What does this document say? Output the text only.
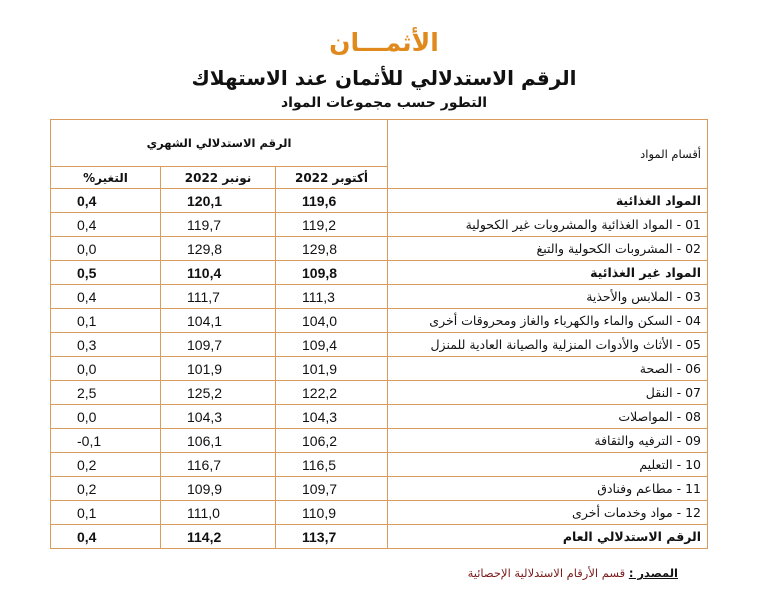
الأثمـــان
الرقم الاستدلالي للأثمان عند الاستهلاك
التطور حسب مجموعات المواد
الرقم الاستدلالي الشهري			أقسام المواد
التغير%	نونبر 2022	أكتوبر 2022	
0,4	120,1	119,6	المواد الغذائية
0,4	119,7	119,2	01 - المواد الغذائية والمشروبات غير الكحولية
0,0	129,8	129,8	02 - المشروبات الكحولية والتبغ
0,5	110,4	109,8	المواد غير الغذائية
0,4	111,7	111,3	03 - الملابس والأحذية
0,1	104,1	104,0	04 - السكن والماء والكهرباء والغاز ومحروقات أخرى
0,3	109,7	109,4	05 - الأثاث والأدوات المنزلية والصيانة العادية للمنزل
0,0	101,9	101,9	06 - الصحة
2,5	125,2	122,2	07 - النقل
0,0	104,3	104,3	08 - المواصلات
-0,1	106,1	106,2	09 - الترفيه والثقافة
0,2	116,7	116,5	10 - التعليم
0,2	109,9	109,7	11 - مطاعم وفنادق
0,1	111,0	110,9	12 - مواد وخدمات أخرى
0,4	114,2	113,7	الرقم الاستدلالي العام
المصدر : قسم الأرقام الاستدلالية الإحصائية
